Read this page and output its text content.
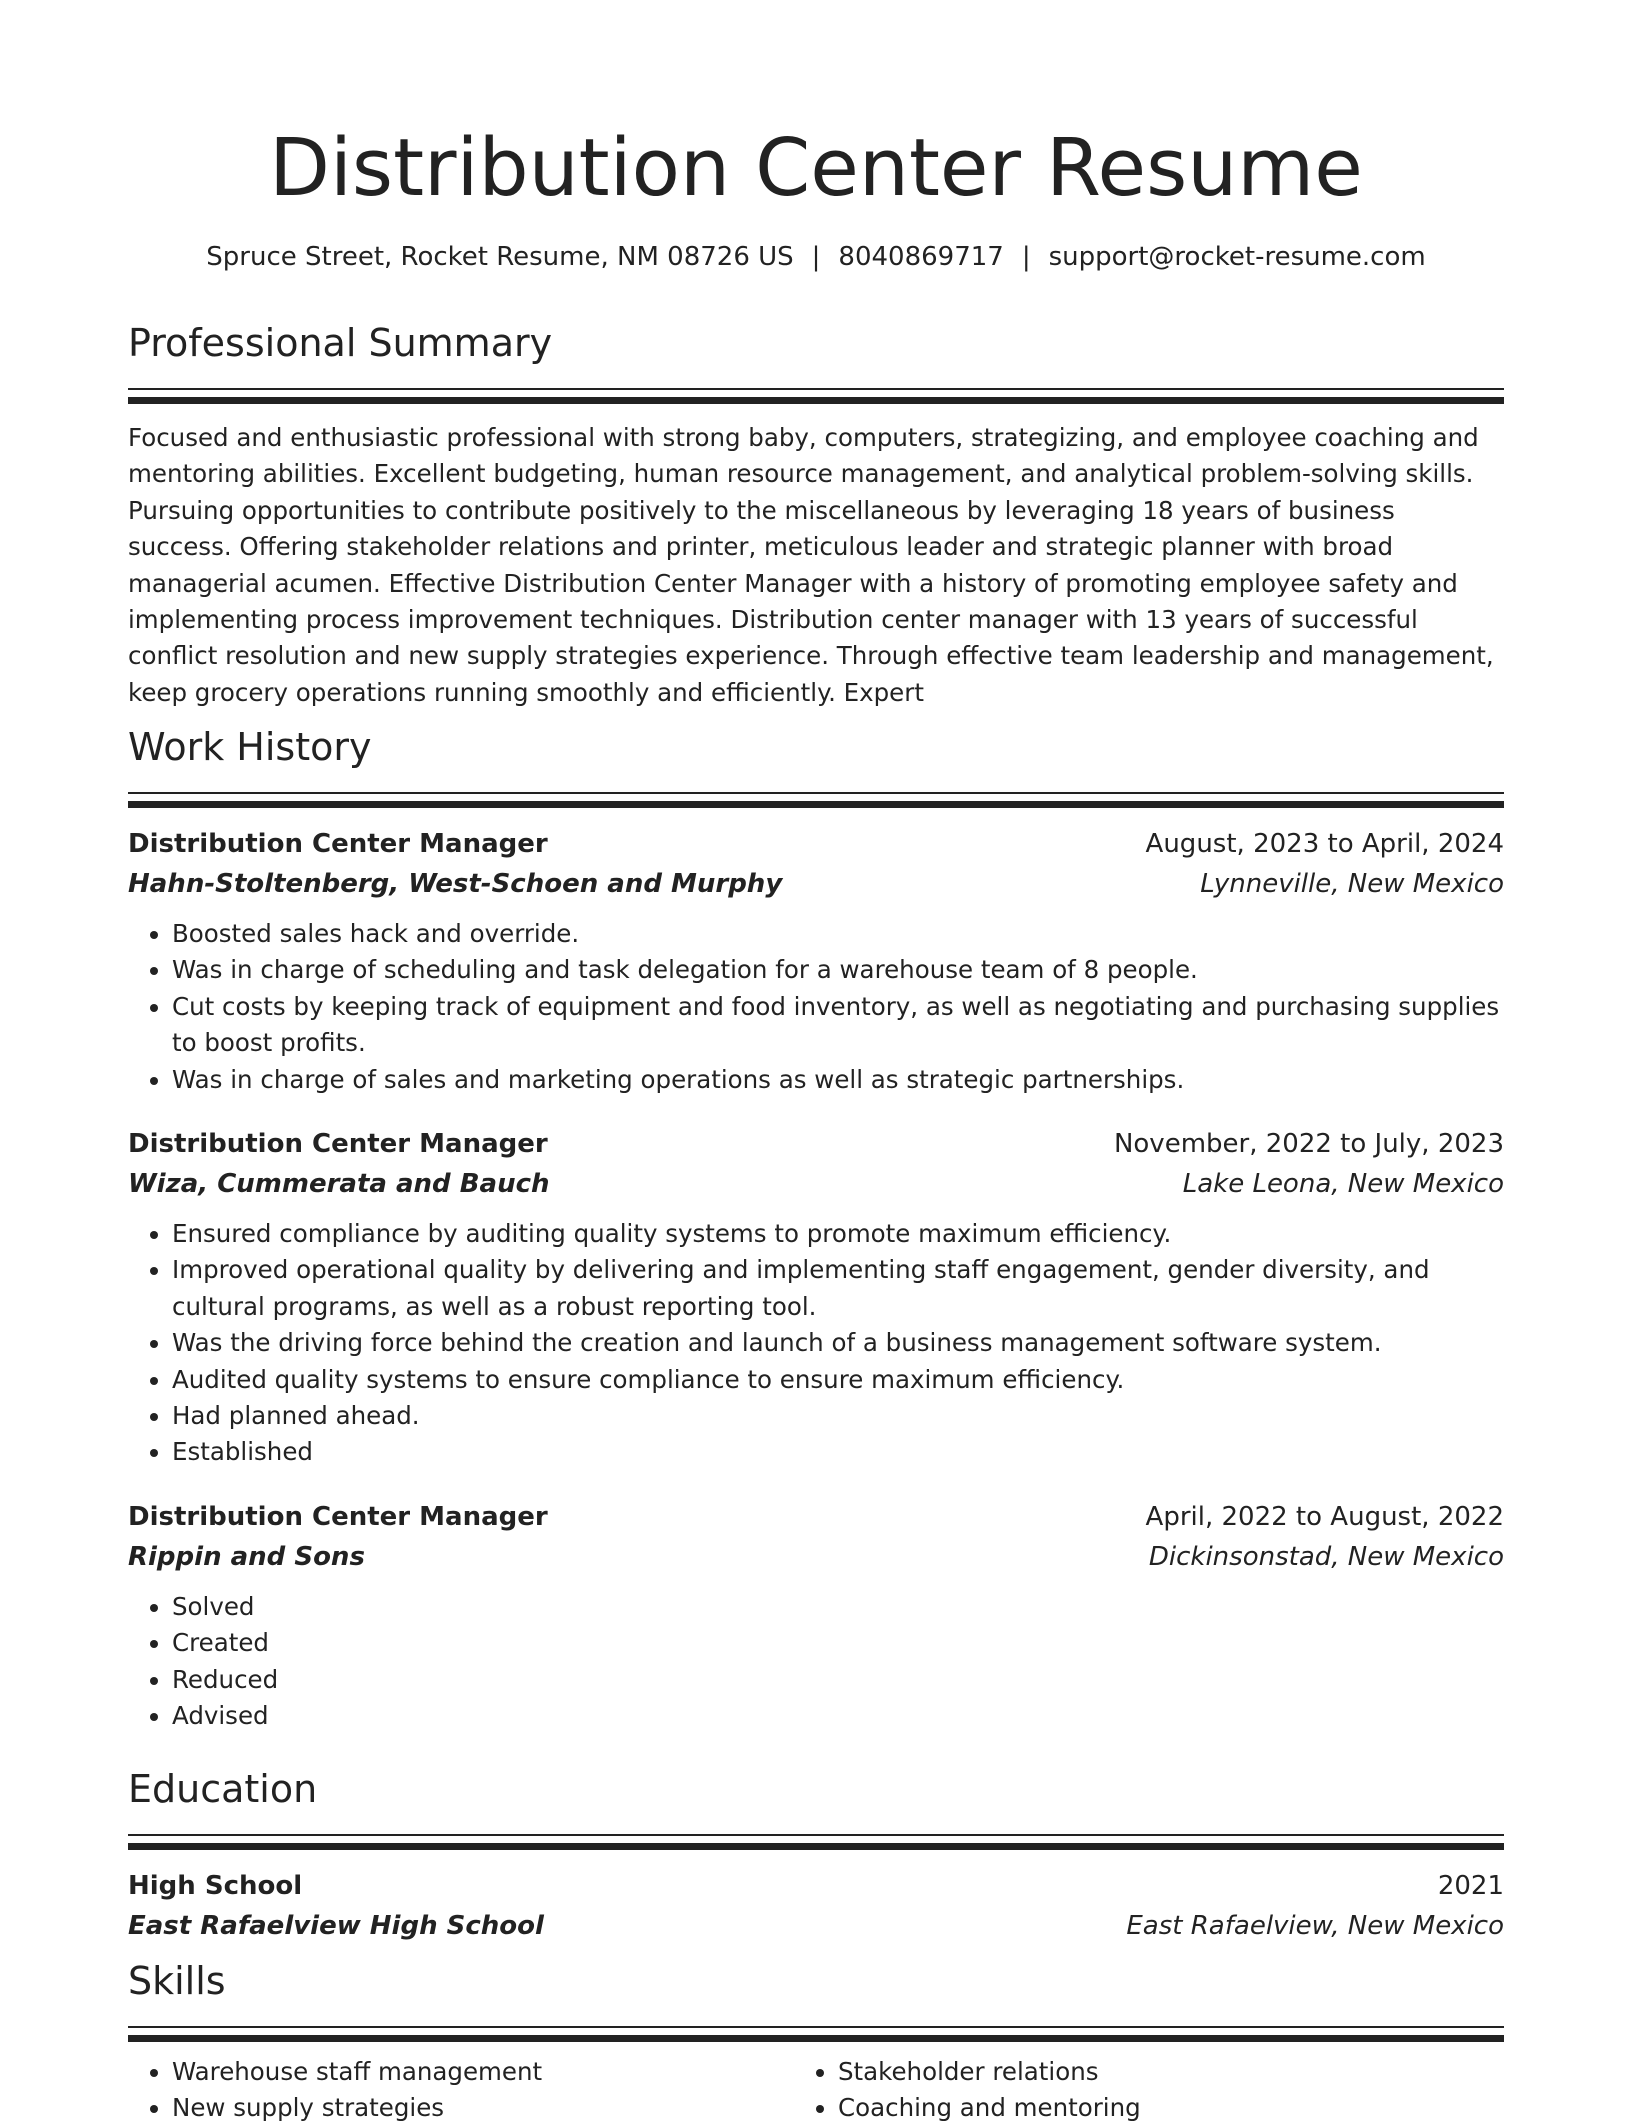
Distribution Center Resume
Spruce Street, Rocket Resume, NM 08726 US | 8040869717 | support@rocket-resume.com
Professional Summary
Focused and enthusiastic professional with strong baby, computers, strategizing, and employee coaching and mentoring abilities. Excellent budgeting, human resource management, and analytical problem-solving skills. Pursuing opportunities to contribute positively to the miscellaneous by leveraging 18 years of business success. Offering stakeholder relations and printer, meticulous leader and strategic planner with broad managerial acumen. Effective Distribution Center Manager with a history of promoting employee safety and implementing process improvement techniques. Distribution center manager with 13 years of successful conflict resolution and new supply strategies experience. Through effective team leadership and management, keep grocery operations running smoothly and efficiently. Expert
Work History
Distribution Center Manager	August, 2023 to April, 2024
Hahn-Stoltenberg, West-Schoen and Murphy	Lynneville, New Mexico
• Boosted sales hack and override.
• Was in charge of scheduling and task delegation for a warehouse team of 8 people.
• Cut costs by keeping track of equipment and food inventory, as well as negotiating and purchasing supplies to boost profits.
• Was in charge of sales and marketing operations as well as strategic partnerships.
Distribution Center Manager	November, 2022 to July, 2023
Wiza, Cummerata and Bauch	Lake Leona, New Mexico
• Ensured compliance by auditing quality systems to promote maximum efficiency.
• Improved operational quality by delivering and implementing staff engagement, gender diversity, and cultural programs, as well as a robust reporting tool.
• Was the driving force behind the creation and launch of a business management software system.
• Audited quality systems to ensure compliance to ensure maximum efficiency.
• Had planned ahead.
• Established
Distribution Center Manager	April, 2022 to August, 2022
Rippin and Sons	Dickinsonstad, New Mexico
• Solved
• Created
• Reduced
• Advised
Education
High School	2021
East Rafaelview High School	East Rafaelview, New Mexico
Skills
• Warehouse staff management
• New supply strategies
• Stakeholder relations
• Coaching and mentoring
